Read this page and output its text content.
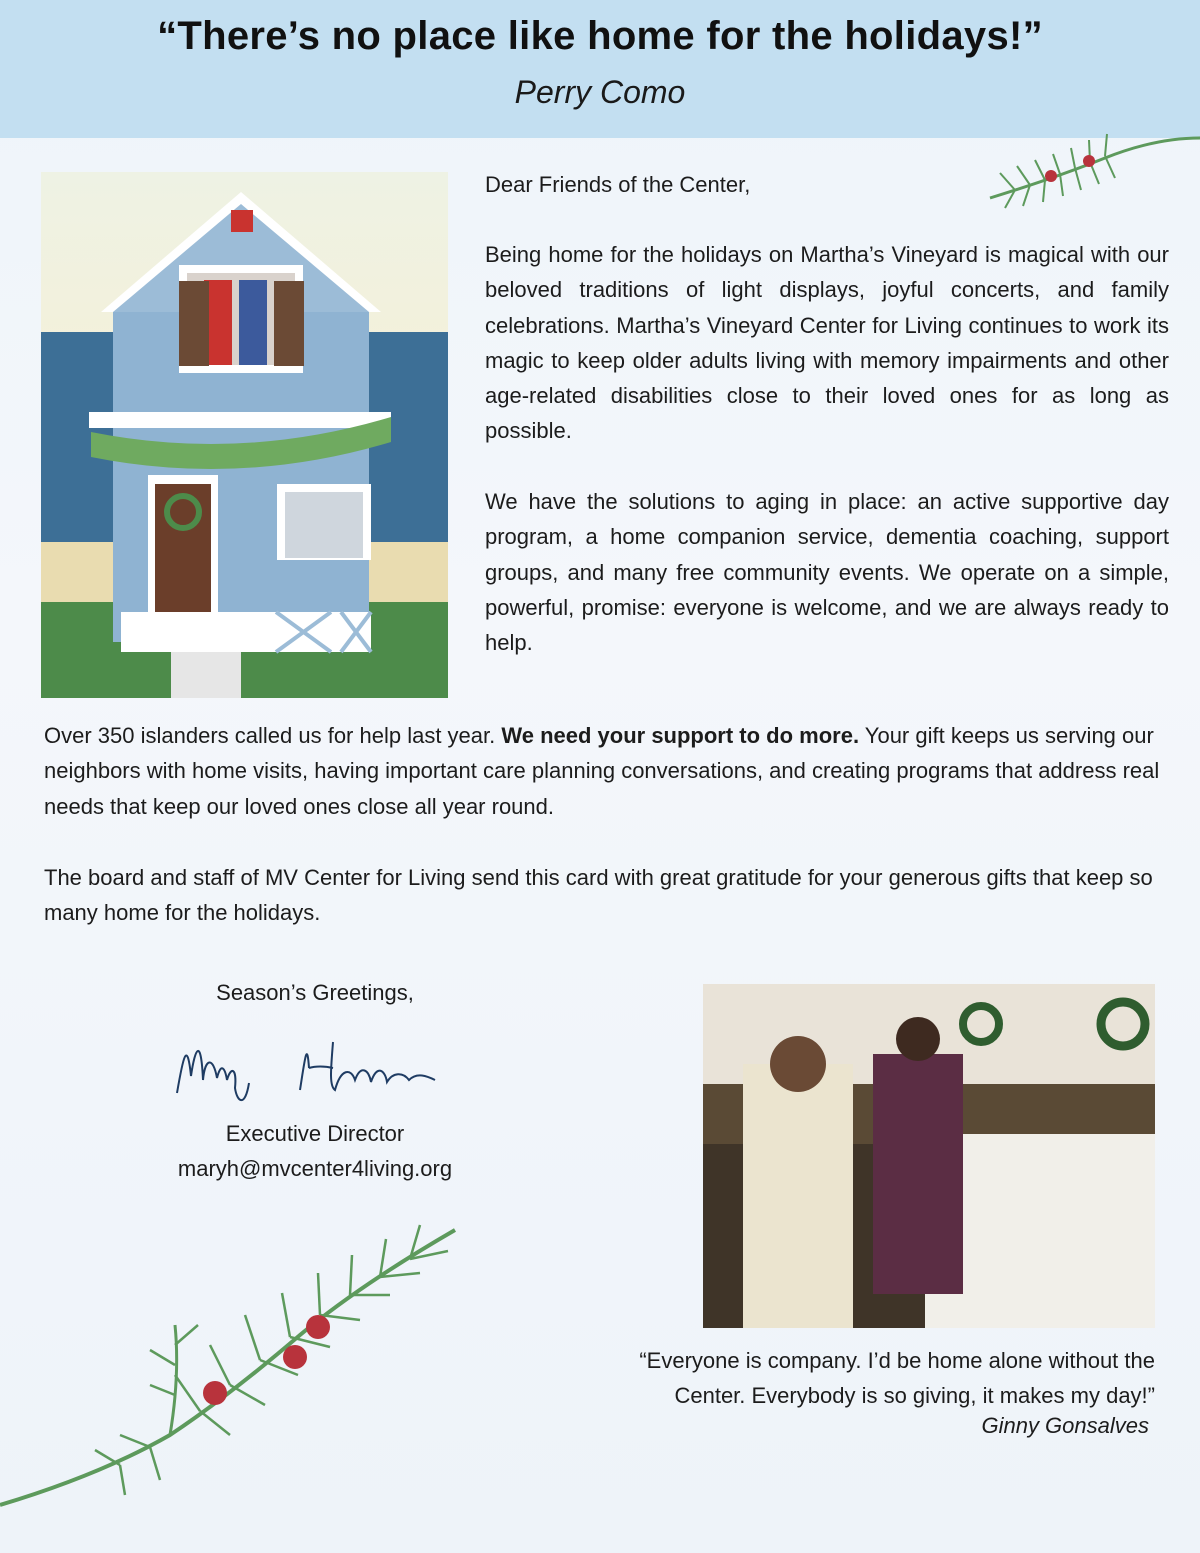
“There’s no place like home for the holidays!”
Perry Como
Dear Friends of the Center,
Being home for the holidays on Martha’s Vineyard is magical with our beloved traditions of light displays, joyful concerts, and family celebrations. Martha’s Vineyard Center for Living continues to work its magic to keep older adults living with memory impairments and other age-related disabilities close to their loved ones for as long as possible.
We have the solutions to aging in place: an active supportive day program, a home companion service, dementia coaching, support groups, and many free community events. We operate on a simple, powerful, promise: everyone is welcome, and we are always ready to help.
Over 350 islanders called us for help last year. We need your support to do more. Your gift keeps us serving our neighbors with home visits, having important care planning conversations, and creating programs that address real needs that keep our loved ones close all year round.
The board and staff of MV Center for Living send this card with great gratitude for your generous gifts that keep so many home for the holidays.
Season’s Greetings,
Executive Director
maryh@mvcenter4living.org
“Everyone is company. I’d be home alone without the
Center. Everybody is so giving, it makes my day!”
Ginny Gonsalves
